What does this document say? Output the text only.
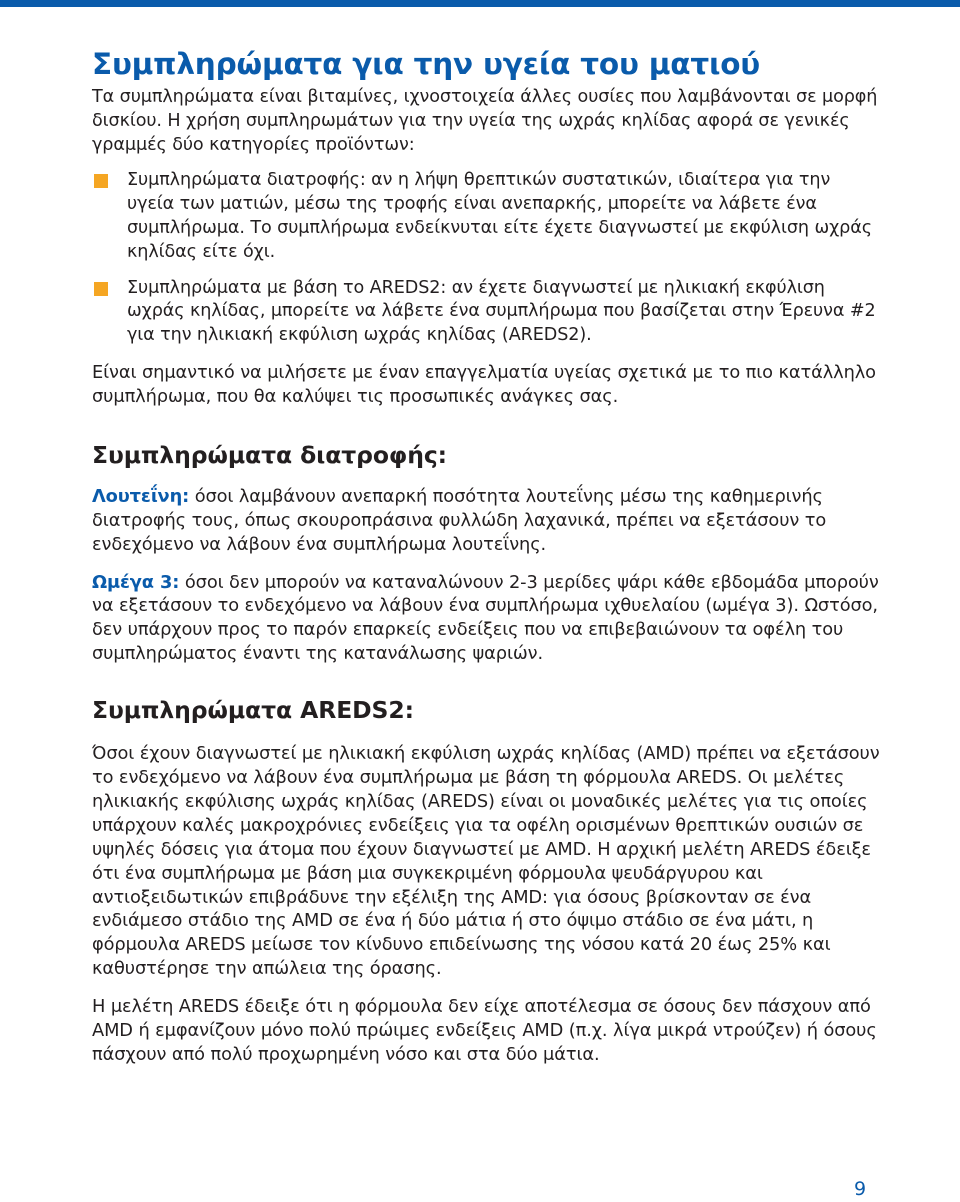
Συμπληρώματα για την υγεία του ματιού

Τα συμπληρώματα είναι βιταμίνες, ιχνοστοιχεία άλλες ουσίες που λαμβάνονται σε μορφή δισκίου. Η χρήση συμπληρωμάτων για την υγεία της ωχράς κηλίδας αφορά σε γενικές γραμμές δύο κατηγορίες προϊόντων:

Συμπληρώματα διατροφής: αν η λήψη θρεπτικών συστατικών, ιδιαίτερα για την υγεία των ματιών, μέσω της τροφής είναι ανεπαρκής, μπορείτε να λάβετε ένα συμπλήρωμα. Το συμπλήρωμα ενδείκνυται είτε έχετε διαγνωστεί με εκφύλιση ωχράς κηλίδας είτε όχι.
Συμπληρώματα με βάση το AREDS2: αν έχετε διαγνωστεί με ηλικιακή εκφύλιση ωχράς κηλίδας, μπορείτε να λάβετε ένα συμπλήρωμα που βασίζεται στην Έρευνα #2 για την ηλικιακή εκφύλιση ωχράς κηλίδας (AREDS2).

Είναι σημαντικό να μιλήσετε με έναν επαγγελματία υγείας σχετικά με το πιο κατάλληλο συμπλήρωμα, που θα καλύψει τις προσωπικές ανάγκες σας.

Συμπληρώματα διατροφής:

Λουτεΐνη: όσοι λαμβάνουν ανεπαρκή ποσότητα λουτεΐνης μέσω της καθημερινής διατροφής τους, όπως σκουροπράσινα φυλλώδη λαχανικά, πρέπει να εξετάσουν το ενδεχόμενο να λάβουν ένα συμπλήρωμα λουτεΐνης.

Ωμέγα 3: όσοι δεν μπορούν να καταναλώνουν 2-3 μερίδες ψάρι κάθε εβδομάδα μπορούν να εξετάσουν το ενδεχόμενο να λάβουν ένα συμπλήρωμα ιχθυελαίου (ωμέγα 3). Ωστόσο, δεν υπάρχουν προς το παρόν επαρκείς ενδείξεις που να επιβεβαιώνουν τα οφέλη του συμπληρώματος έναντι της κατανάλωσης ψαριών.

Συμπληρώματα AREDS2:

Όσοι έχουν διαγνωστεί με ηλικιακή εκφύλιση ωχράς κηλίδας (AMD) πρέπει να εξετάσουν το ενδεχόμενο να λάβουν ένα συμπλήρωμα με βάση τη φόρμουλα AREDS. Οι μελέτες ηλικιακής εκφύλισης ωχράς κηλίδας (AREDS) είναι οι μοναδικές μελέτες για τις οποίες υπάρχουν καλές μακροχρόνιες ενδείξεις για τα οφέλη ορισμένων θρεπτικών ουσιών σε υψηλές δόσεις για άτομα που έχουν διαγνωστεί με AMD. Η αρχική μελέτη AREDS έδειξε ότι ένα συμπλήρωμα με βάση μια συγκεκριμένη φόρμουλα ψευδάργυρου και αντιοξειδωτικών επιβράδυνε την εξέλιξη της AMD: για όσους βρίσκονταν σε ένα ενδιάμεσο στάδιο της AMD σε ένα ή δύο μάτια ή στο όψιμο στάδιο σε ένα μάτι, η φόρμουλα AREDS μείωσε τον κίνδυνο επιδείνωσης της νόσου κατά 20 έως 25% και καθυστέρησε την απώλεια της όρασης.

Η μελέτη AREDS έδειξε ότι η φόρμουλα δεν είχε αποτέλεσμα σε όσους δεν πάσχουν από AMD ή εμφανίζουν μόνο πολύ πρώιμες ενδείξεις AMD (π.χ. λίγα μικρά ντρούζεν) ή όσους πάσχουν από πολύ προχωρημένη νόσο και στα δύο μάτια.

9
